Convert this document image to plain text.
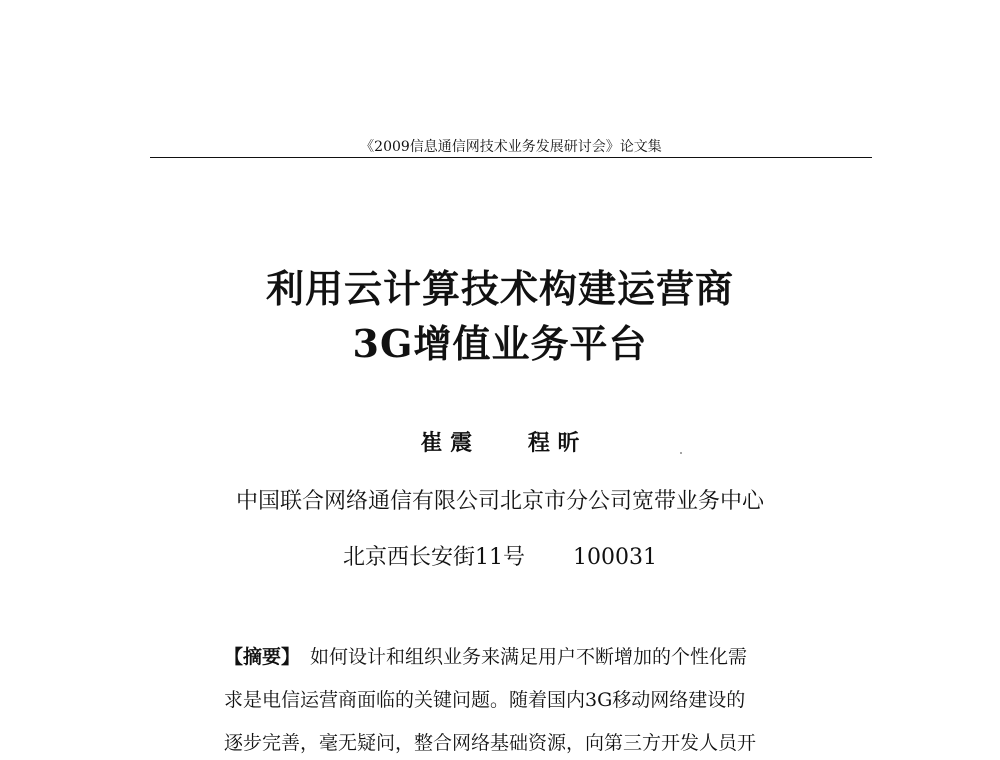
《2009信息通信网技术业务发展研讨会》论文集
利用云计算技术构建运营商
3G增值业务平台
崔 震	程 昕
中国联合网络通信有限公司北京市分公司宽带业务中心
北京西长安街11号 100031
【摘要】 如何设计和组织业务来满足用户不断增加的个性化需
求是电信运营商面临的关键问题。随着国内3G移动网络建设的
逐步完善，毫无疑问，整合网络基础资源，向第三方开发人员开
